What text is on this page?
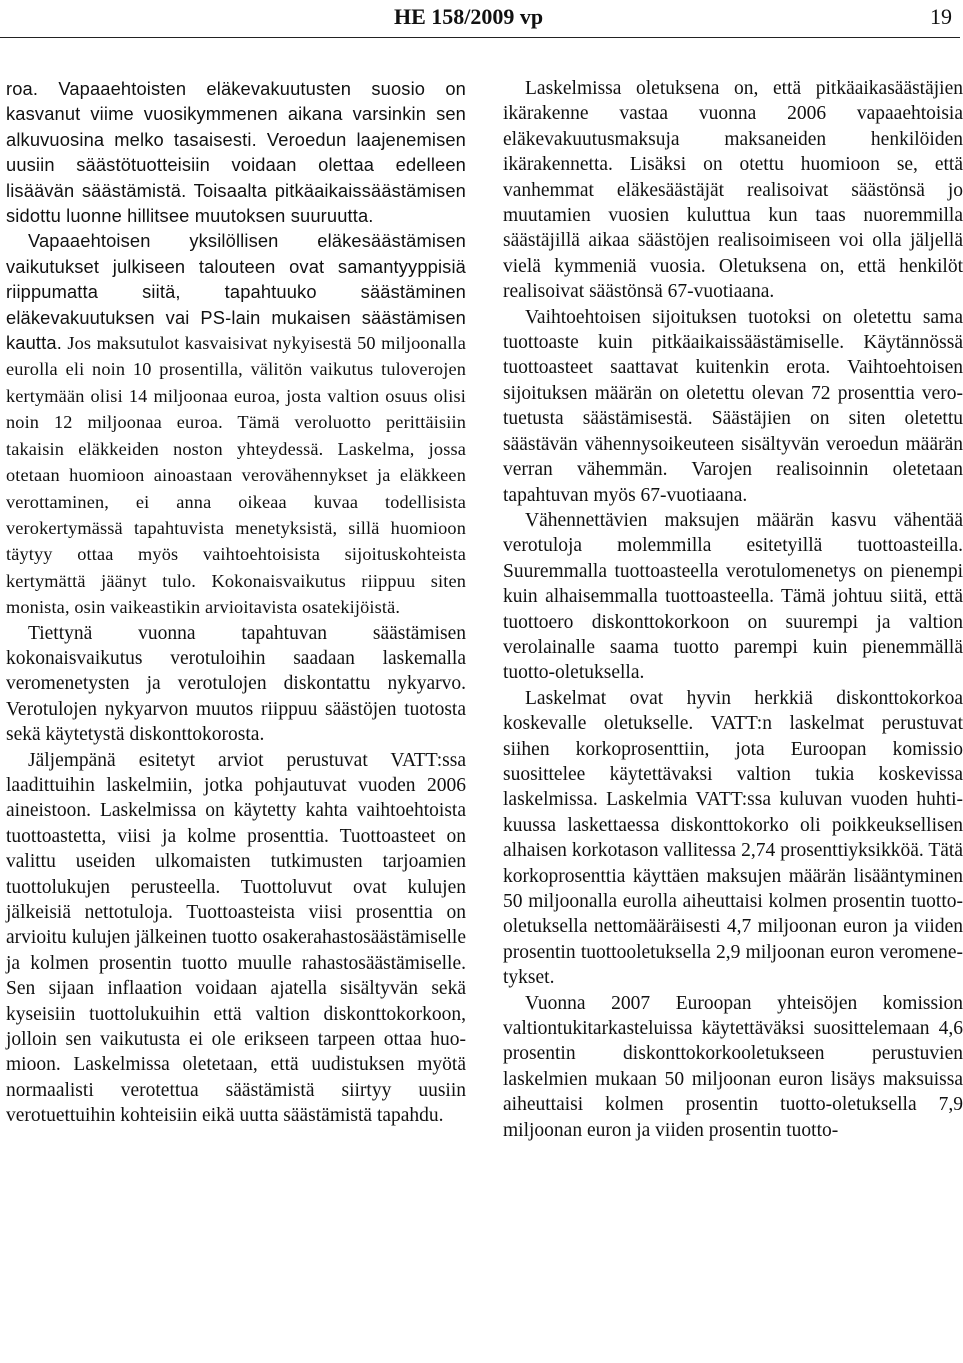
HE 158/2009 vp	19

roa. Vapaaehtoisten eläkevakuutusten suosio on kasvanut viime vuosikymmenen aikana varsinkin sen alkuvuosina melko tasaisesti. Veroedun laajenemisen uusiin säästötuotteisiin voidaan olettaa edelleen lisäävän säästämistä. Toisaalta pitkäaikaissäästämisen sidottu luonne hillitsee muutoksen suuruutta.

Vapaaehtoisen yksilöllisen eläkesäästämisen vaikutukset julkiseen talouteen ovat samantyyppisiä riippumatta siitä, tapahtuuko säästäminen eläkevakuutuksen vai PS-lain mukaisen säästämisen kautta. Jos maksutulot kasvaisivat nykyisestä 50 miljoonalla eurolla eli noin 10 prosentilla, välitön vaikutus tuloverojen kertymään olisi 14 miljoonaa euroa, josta valtion osuus olisi noin 12 miljoonaa euroa. Tämä veroluotto perittäisiin takaisin eläkkeiden noston yhteydessä. Laskelma, jossa otetaan huomioon ainoastaan verovähennykset ja eläkkeen verottaminen, ei anna oikeaa kuvaa todellisista verokertymässä tapahtuvista menetyksistä, sillä huomioon täytyy ottaa myös vaihtoehtoisista sijoituskohteista kertymättä jäänyt tulo. Kokonaisvaikutus riippuu siten monista, osin vaikeastikin arvioitavista osatekijöistä.

Tiettynä vuonna tapahtuvan säästämisen kokonaisvaikutus verotuloihin saadaan laskemalla veromenetysten ja verotulojen diskontattu nykyarvo. Verotulojen nykyarvon muutos riippuu säästöjen tuotosta sekä käytetystä diskonttokorosta.

Jäljempänä esitetyt arviot perustuvat VATT:ssa laadittuihin laskelmiin, jotka pohjautuvat vuoden 2006 aineistoon. Laskelmissa on käytetty kahta vaihtoehtoista tuottoastetta, viisi ja kolme prosenttia. Tuottoasteet on valittu useiden ulkomaisten tutkimusten tarjoamien tuottolukujen perusteella. Tuottoluvut ovat kulujen jälkeisiä nettotuloja. Tuottoasteista viisi prosenttia on arvioitu kulujen jälkeinen tuotto osakerahastosäästämiselle ja kolmen prosentin tuotto muulle rahastosäästämiselle. Sen sijaan inflaation voidaan ajatella sisältyvän sekä kyseisiin tuottolukuihin että valtion diskonttokorkoon, jolloin sen vaikutusta ei ole erikseen tarpeen ottaa huomioon. Laskelmissa oletetaan, että uudistuksen myötä normaalisti verotettua säästämistä siirtyy uusiin verotuettuihin kohteisiin eikä uutta säästämistä tapahdu.

Laskelmissa oletuksena on, että pitkäaikasäästäjien ikärakenne vastaa vuonna 2006 vapaaehtoisia eläkevakuutusmaksuja maksaneiden henkilöiden ikärakennetta. Lisäksi on otettu huomioon se, että vanhemmat eläkesäästäjät realisoivat säästönsä jo muutamien vuosien kuluttua kun taas nuoremmilla säästäjillä aikaa säästöjen realisoimiseen voi olla jäljellä vielä kymmeniä vuosia. Oletuksena on, että henkilöt realisoivat säästönsä 67-vuotiaana.

Vaihtoehtoisen sijoituksen tuotoksi on oletettu sama tuottoaste kuin pitkäaikaissäästämiselle. Käytännössä tuottoasteet saattavat kuitenkin erota. Vaihtoehtoisen sijoituksen määrän on oletettu olevan 72 prosenttia verotuetusta säästämisestä. Säästäjien on siten oletettu säästävän vähennysoikeuteen sisältyvän veroedun määrän verran vähemmän. Varojen realisoinnin oletetaan tapahtuvan myös 67-vuotiaana.

Vähennettävien maksujen määrän kasvu vähentää verotuloja molemmilla esitetyillä tuottoasteilla. Suuremmalla tuottoasteella verotulomenetys on pienempi kuin alhaisemmalla tuottoasteella. Tämä johtuu siitä, että tuottoero diskonttokorkoon on suurempi ja valtion verolainalle saama tuotto parempi kuin pienemmällä tuotto-oletuksella.

Laskelmat ovat hyvin herkkiä diskonttokorkoa koskevalle oletukselle. VATT:n laskelmat perustuvat siihen korkoprosenttiin, jota Euroopan komissio suosittelee käytettävaksi valtion tukia koskevissa laskelmissa. Laskelmia VATT:ssa kuluvan vuoden huhtikuussa laskettaessa diskonttokorko oli poikkeuksellisen alhaisen korkotason vallitessa 2,74 prosenttiyksikköä. Tätä korkoprosenttia käyttäen maksujen määrän lisääntyminen 50 miljoonalla eurolla aiheuttaisi kolmen prosentin tuotto-oletuksella nettomääräisesti 4,7 miljoonan euron ja viiden prosentin tuottooletuksella 2,9 miljoonan euron veromenetykset.

Vuonna 2007 Euroopan yhteisöjen komission valtiontukitarkasteluissa käytettäväksi suosittelemaan 4,6 prosentin diskonttokorkooletukseen perustuvien laskelmien mukaan 50 miljoonan euron lisäys maksuissa aiheuttaisi kolmen prosentin tuotto-oletuksella 7,9 miljoonan euron ja viiden prosentin tuotto-
